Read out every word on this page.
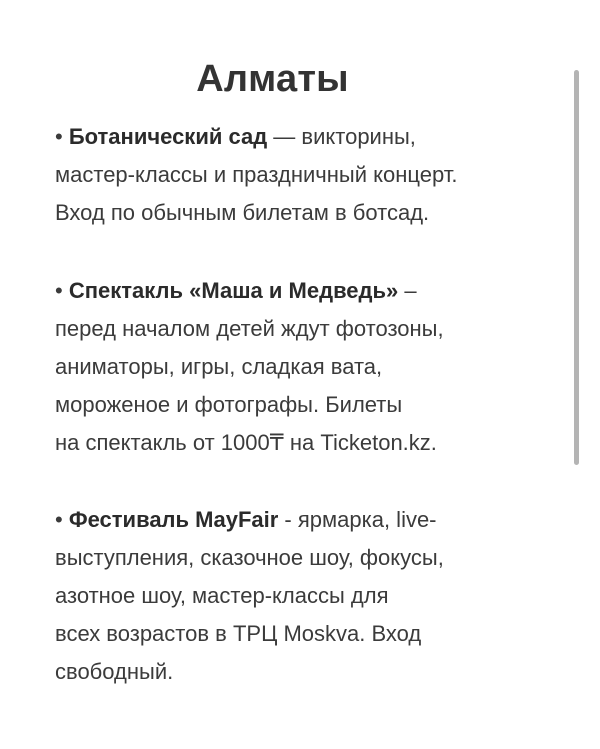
Алматы
• Ботанический сад — викторины,
мастер-классы и праздничный концерт.
Вход по обычным билетам в ботсад.
• Спектакль «Маша и Медведь» –
перед началом детей ждут фотозоны,
аниматоры, игры, сладкая вата,
мороженое и фотографы. Билеты
на спектакль от 1000₸ на Ticketon.kz.
• Фестиваль MayFair - ярмарка, live-
выступления, сказочное шоу, фокусы,
азотное шоу, мастер-классы для
всех возрастов в ТРЦ Moskva. Вход
свободный.
